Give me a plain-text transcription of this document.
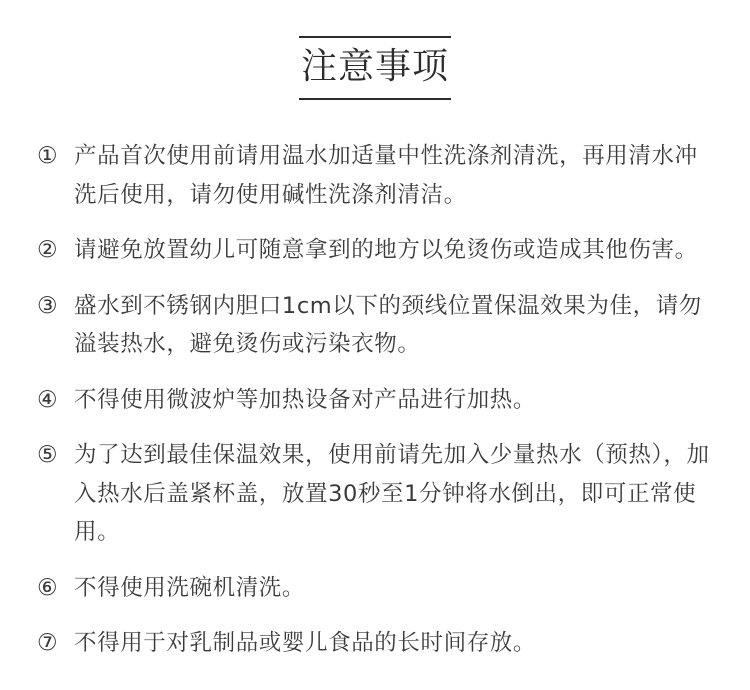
注意事项
① 产品首次使用前请用温水加适量中性洗涤剂清洗，再用清水冲洗后使用，请勿使用碱性洗涤剂清洁。
② 请避免放置幼儿可随意拿到的地方以免烫伤或造成其他伤害。
③ 盛水到不锈钢内胆口1cm以下的颈线位置保温效果为佳，请勿溢装热水，避免烫伤或污染衣物。
④ 不得使用微波炉等加热设备对产品进行加热。
⑤ 为了达到最佳保温效果，使用前请先加入少量热水（预热），加入热水后盖紧杯盖，放置30秒至1分钟将水倒出，即可正常使用。
⑥ 不得使用洗碗机清洗。
⑦ 不得用于对乳制品或婴儿食品的长时间存放。
